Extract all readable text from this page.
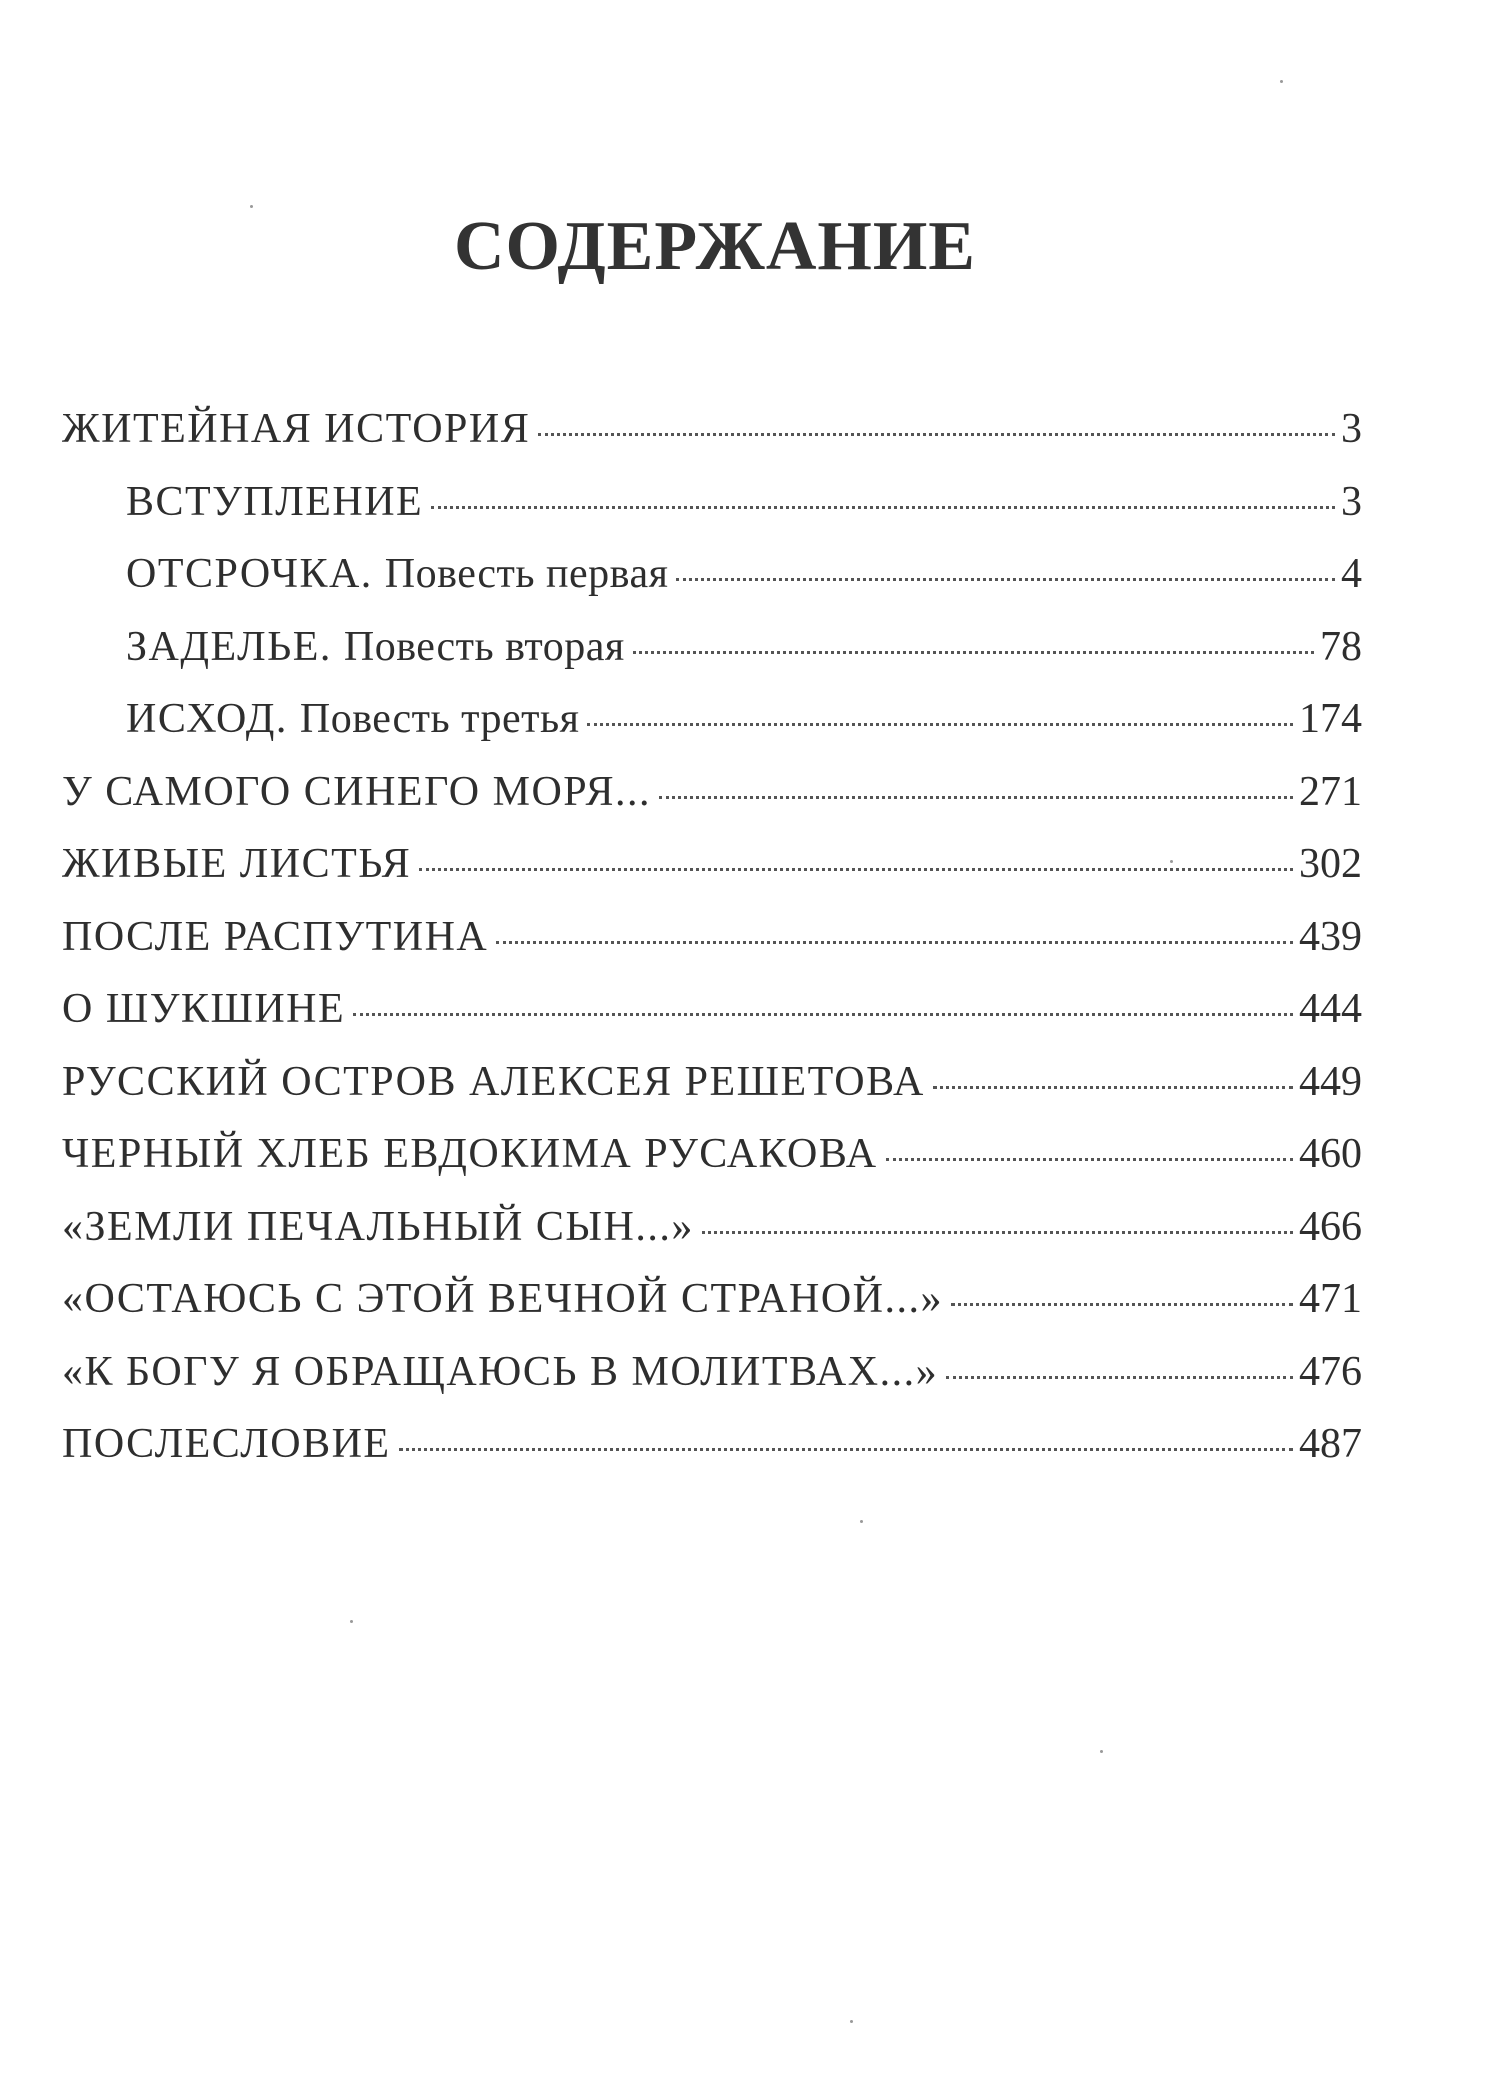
СОДЕРЖАНИЕ
ЖИТЕЙНАЯ ИСТОРИЯ	3
ВСТУПЛЕНИЕ	3
ОТСРОЧКА. Повесть первая	4
ЗАДЕЛЬЕ. Повесть вторая	78
ИСХОД. Повесть третья	174
У САМОГО СИНЕГО МОРЯ...	271
ЖИВЫЕ ЛИСТЬЯ	302
ПОСЛЕ РАСПУТИНА	439
О ШУКШИНЕ	444
РУССКИЙ ОСТРОВ АЛЕКСЕЯ РЕШЕТОВА	449
ЧЕРНЫЙ ХЛЕБ ЕВДОКИМА РУСАКОВА	460
«ЗЕМЛИ ПЕЧАЛЬНЫЙ СЫН...»	466
«ОСТАЮСЬ С ЭТОЙ ВЕЧНОЙ СТРАНОЙ...»	471
«К БОГУ Я ОБРАЩАЮСЬ В МОЛИТВАХ...»	476
ПОСЛЕСЛОВИЕ	487
